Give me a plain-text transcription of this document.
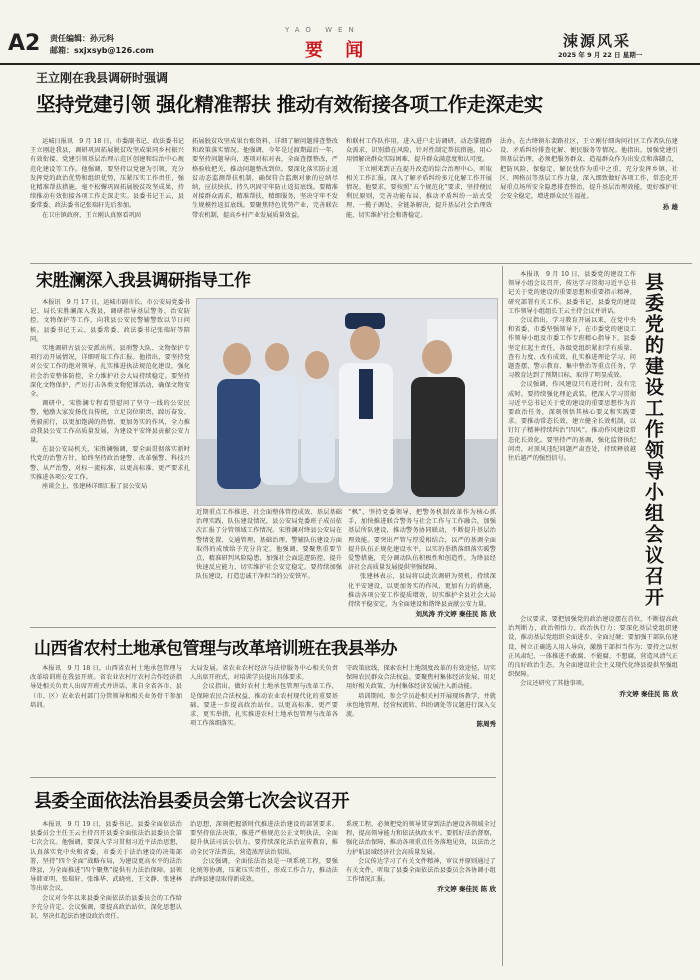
A2 责任编辑：孙元科
邮箱：sxjxsyb@126.com
YAO WEN
要 闻	涑源风采
2025 年 9 月 22 日 星期一
王立刚在我县调研时强调
坚持党建引领 强化精准帮扶 推动有效衔接各项工作走深走实

运城日报讯　9 月 18 日，市委副书记、政法委书记王立刚赴我县，调研巩固拓展脱贫攻坚成果同乡村振兴有效衔接、党建引领基层治理示范区创建和综治中心规范化建设等工作。他强调，要坚持以党建为引领，充分发挥党的政治优势和组织优势，压紧压实工作责任，强化精准帮扶措施，毫不松懈巩固拓展脱贫攻坚成果，持续推动有效衔接各项工作走深走实。县委书记王云，县委常委、政法委书记张瑞轩先后参加。

在卫庄镇政府，王立刚认真察看巩固

拓展脱贫攻坚成果台账资料，详细了解问题排查整改和政策落实情况。他强调，今年是过渡期最后一年，要坚持问题导向，逐项对标对表，全面查摆整改，严格验收把关，推动问题整改到位。要深化落实防止返贫动态监测帮扶机制，确保符合监测对象的应纳尽纳，应扶快扶，持久巩固守牢防止返贫底线。要精准对接群众需求，精准帮扶，精细服务，坚决守牢不发生规模性返贫底线。要聚焦特色优势产业，完善联农带农机制，提高乡村产业发展质量效益。

和联村工作队作用，进入进户走访调研，动态掌握群众需求，识别潜在风险，针对性制定帮扶措施，用心用情解决群众实际困难，提升群众满意度和认可度。

王立刚来到正在提升改造的综合治理中心，听取相关工作汇报，深入了解矛盾纠纷多元化解工作开展情况。他要求，要按照“五个规范化”要求，坚持便民利民原则，完善功能布局，推动矛盾纠纷一站式受理、一揽子调处、全链条解决，提升基层社会治理效能，切实维护社会和谐稳定。

法办。在古绛镇东裴路社区，王立刚仔细询问社区工作者队伍建设、矛盾纠纷排查化解、便民服务等情况。他指出，加强党建引领基层治理，必须把服务群众、造福群众作为出发点和落脚点，把防风险、保稳定、解民忧作为重中之重，充分发挥乡镇、社区、网格员等基层工作力量，深入细致做好各项工作，常态化开展重点场所安全隐患排查整治，提升基层治理效能，更好维护社会安全稳定，增进群众民生福祉。

孙 雄
宋胜澜深入我县调研指导工作

本报讯　9 月 17 日，运城市副市长、市公安局党委书记、局长宋胜澜深入我县，调研指导基层警务、治安防控、文物保护等工作，向我县公安民警辅警致以节日问候。县委书记王云、县委常委、政法委书记张瑞轩等陪同。

实地调研古县公安派出所、县刑警大队、文物保护专项行动开展情况，详细听取工作汇报。他指出，要坚持党对公安工作的绝对领导，扎实推进执法规范化建设，强化社会治安整体防控，全力维护社会大局持续稳定。要坚持深化文物保护，严厉打击各类文物犯罪活动，确保文物安全。

调研中，宋胜澜专程看望慰问了坚守一线的公安民警，勉励大家发扬优良传统，立足岗位职责，踔厉奋发、勇毅前行，以更加饱满的热情、更加务实的作风，全力推动我县公安工作高质量发展，为建设平安绛县贡献公安力量。

在县公安局机关，宋胜澜强调，要全面贯彻落实新时代党的治警方针，始终坚持政治建警、改革强警、科技兴警、从严治警，对标一流标准，以更高标准、更严要求扎实推进各项公安工作。

座谈会上，张建林详细汇报了县公安局

近期重点工作推进、社会面整体管控成效、基层基础治理实践、队伍建设情况，县公安局党委班子成员依次汇报了分管领域工作情况。宋胜澜对绛县公安局在警情处置、交通管理、基础治理、警辅队伍建设方面取得的成绩给予充分肯定。他强调，要聚焦重要节点，精准研判风险隐患，加强社会面巡逻防控，提升快速反应能力，切实维护社会安定稳定。要持续加强队伍建设，打造忠诚干净担当的公安铁军。

“枫”，坚持党委领导，把警务机制改革作为核心抓手，加快推进联合警务与社会工作与工作融合，加强基层所队建设，推动警务协同联动，不断提升基层治理效能。要突出严管与厚爱相结合，以严的基调全面提升队伍正规化建设水平，以实的举措落细落实暖警爱警措施，充分调动队伍积极性和创造性，为绛县经济社会高质量发展提供坚强保障。

张建林表示，县局将以此次调研为契机，持续深化平安建设，以更加务实的作风、更加有力的措施，推动各项公安工作提质增效，切实维护全县社会大局持续平稳安定，为全面建设和谐绛县贡献公安力量。

刘凤涛 乔文婷 秦佳民 陈 欣
山西省农村土地承包管理与改革培训班在我县举办

本报讯　9 月 18 日，山西省农村土地承包管理与改革培训班在我县开班。省农业农村厅农村合作经济指导处相关负责人出席开班式并讲话，来自全省各市、县（市、区）农业农村部门分管领导和相关业务骨干参加培训。

大局发展。省农业农村经济与法律服务中心相关负责人出席开班式，对培训学员提出具体要求。

会议指出，做好农村土地承包管理与改革工作，是保障农民合法权益、推动农业农村现代化的重要基础。要进一步提高政治站位，以更高标准、更严要求、更实举措，扎实推进农村土地承包管理与改革各项工作落细落实。

守政策底线，探索农村土地制度改革的有效途径，切实保障农民群众合法权益。要聚焦村集体经济发展，用足用好相关政策，为村集体经济发展注入新动能。

培训期间，参会学员赴相关村开展现场教学，并就承包地管理、经营权流转、纠纷调处等议题进行深入交流。

陈周秀
县委全面依法治县委员会第七次会议召开

本报讯　9 月 19 日，县委书记、县委全面依法治县委员会主任王云主持召开县委全面依法治县委员会第七次会议。他强调，要深入学习贯彻习近平法治思想，认真落实党中央和省委、市委关于法治建设的决策部署，坚持“四个全面”战略布局，为建设更高水平的法治绛县，为全面推进“四个聚焦”提供有力法治保障。县领导韩亚明、张瑞轩、张维华、武晓亮、王文静、张建林等出席会议。

会议对今年以来县委全面依法治县委员会的工作给予充分肯定。会议强调，要提高政治站位，深化思想认识，坚决扛起法治建设政治责任。

治思想，深刻把握新时代推进法治建设的部署要求。要坚持依法决策，推进严格规范公正文明执法，全面提升执法司法公信力。要持续深化法治宣传教育，推动全民守法普法，营造浓厚法治氛围。

会议强调，全面依法治县是一项系统工程，要强化统筹协调，压紧压实责任，形成工作合力，推动法治绛县建设取得新成效。

系统工程，必须把党的领导贯穿到法治建设各领域全过程，提高领导能力和依法执政水平。要抓好法治督察，强化法治保障，推动各项重点任务落地见效，以法治之力护航县域经济社会高质量发展。

会议传达学习了有关文件精神，审议并原则通过了有关文件，听取了县委全面依法治县委员会各协调小组工作情况汇报。

乔文婷 秦佳民 陈 欣

本报讯　9 月 10 日，县委党的建设工作领导小组会议召开，传达学习贯彻习近平总书记关于党的建设的重要思想和重要指示精神，研究部署有关工作。县委书记、县委党的建设工作领导小组组长王云主持会议并讲话。

会议指出，学习教育开展以来，在党中央和省委、市委坚强领导下，在市委党的建设工作领导小组及市委工作专班精心指导下，县委坚定扛起主责任，各级党组织紧扣学有质量、查有力度、改有成效，扎实推进理论学习、问题查摆、警示教育、集中整治等重点任务，学习教育达到了预期目标，取得了明显成效。

会议强调，作风建设只有进行时，没有完成时。要持续强化理论武装，把深入学习贯彻习近平总书记关于党的建设的重要思想作为首要政治任务，深刻领悟其核心要义和实践要求。要推动常态长效，建立健全长效机制，以钉钉子精神持续纠治“四风”，推动作风建设常态化长效化。要坚持严的基调，强化监督执纪问责，对顶风违纪问题严肃查处，持续释放越往后越严的强烈信号。	县委党的建设工作领导小组会议召开

会议要求，要把加强党的政治建设摆在首位，不断提高政治判断力、政治领悟力、政治执行力；要深化基层党组织建设，推动基层党组织全面进步、全面过硬；要加强干部队伍建设，树立正确选人用人导向，激励干部担当作为；要持之以恒正风肃纪，一体推进不敢腐、不能腐、不想腐，营造风清气正的良好政治生态，为全面建设社会主义现代化绛县提供坚强组织保障。

会议还研究了其他事项。

乔文婷 秦佳民 陈 欣
